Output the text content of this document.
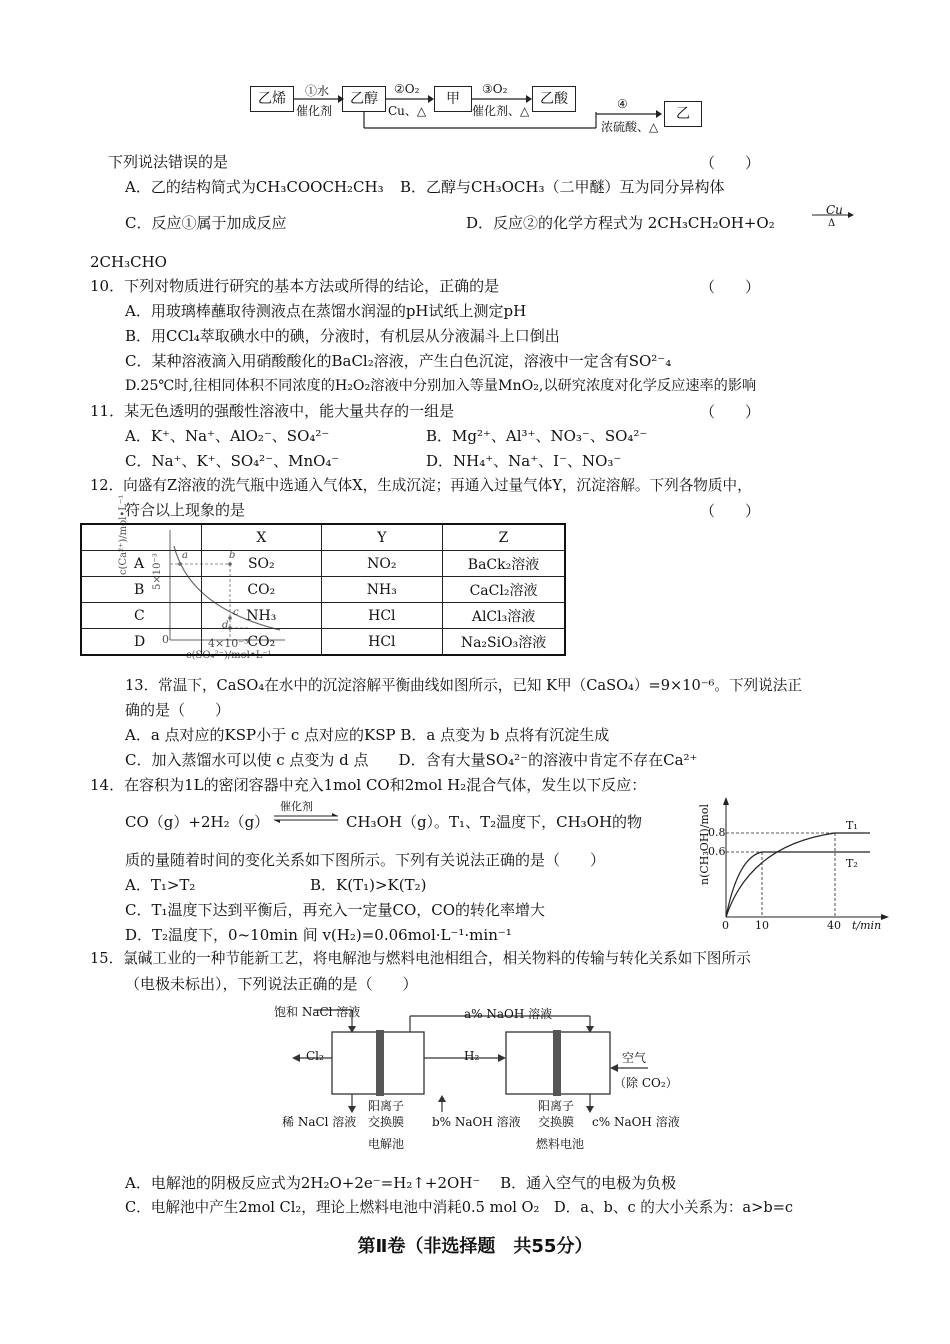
乙烯	乙醇	甲	乙酸
乙
①水
催化剂
②O₂
Cu、△
③O₂
催化剂、△	④
浓硫酸、△
下列说法错误的是	（　　）
A．乙的结构简式为CH₃COOCH₂CH₃ B．乙醇与CH₃OCH₃（二甲醚）互为同分异构体
C．反应①属于加成反应	D．反应②的化学方程式为 2CH₃CH₂OH+O₂
Cu
Δ
2CH₃CHO
10．下列对物质进行研究的基本方法或所得的结论，正确的是	（　　）
A．用玻璃棒蘸取待测液点在蒸馏水润湿的pH试纸上测定pH
B．用CCl₄萃取碘水中的碘，分液时，有机层从分液漏斗上口倒出
C．某种溶液滴入用硝酸酸化的BaCl₂溶液，产生白色沉淀，溶液中一定含有SO²⁻₄
D.25℃时,往相同体积不同浓度的H₂O₂溶液中分别加入等量MnO₂,以研究浓度对化学反应速率的影响
11．某无色透明的强酸性溶液中，能大量共存的一组是	（　　）
A．K⁺、Na⁺、AlO₂⁻、SO₄²⁻	B．Mg²⁺、Al³⁺、NO₃⁻、SO₄²⁻
C．Na⁺、K⁺、SO₄²⁻、MnO₄⁻	D．NH₄⁺、Na⁺、I⁻、NO₃⁻
12．向盛有Z溶液的洗气瓶中选通入气体X，生成沉淀；再通入过量气体Y，沉淀溶解。下列各物质中，
符合以上现象的是	（　　）
	X	Y	Z
A	SO₂	NO₂	BaCk₂溶液
B	CO₂	NH₃	CaCl₂溶液
C	NH₃	HCl	AlCl₃溶液
D	CO₂	HCl	Na₂SiO₃溶液
c(Ca²⁺)/mol•L⁻¹ 5×10⁻³
4×10⁻³
c(SO₄²⁻)/mol•L⁻¹
0
a	b
c
d
13．常温下，CaSO₄在水中的沉淀溶解平衡曲线如图所示，已知 K甲（CaSO₄）=9×10⁻⁶。下列说法正
确的是（　　）
A．a 点对应的KSP小于 c 点对应的KSP B．a 点变为 b 点将有沉淀生成
C．加入蒸馏水可以使 c 点变为 d 点　　D．含有大量SO₄²⁻的溶液中肯定不存在Ca²⁺
14．在容积为1L的密闭容器中充入1mol CO和2mol H₂混合气体，发生以下反应：
CO（g）+2H₂（g）
催化剂
CH₃OH（g）。T₁、T₂温度下，CH₃OH的物
质的量随着时间的变化关系如下图所示。下列有关说法正确的是（　　）
A．T₁>T₂	B．K(T₁)>K(T₂)
C．T₁温度下达到平衡后，再充入一定量CO，CO的转化率增大
D．T₂温度下，0~10min 间 v(H₂)=0.06mol·L⁻¹·min⁻¹
n(CH₃OH)/mol
0.8
0.6
0 10	40 t/min
T₁
T₂
15．氯碱工业的一种节能新工艺，将电解池与燃料电池相组合，相关物料的传输与转化关系如下图所示
（电极未标出），下列说法正确的是（　　）
饱和 NaCl 溶液	a% NaOH 溶液
Cl₂	H₂	空气
（除 CO₂）
阳离子
交换膜
稀 NaCl 溶液	b% NaOH 溶液
阳离子
交换膜 c% NaOH 溶液
电解池	燃料电池
A．电解池的阴极反应式为2H₂O+2e⁻=H₂↑+2OH⁻　 B．通入空气的电极为负极
C．电解池中产生2mol Cl₂，理论上燃料电池中消耗0.5 mol O₂　D．a、b、c 的大小关系为：a>b=c
第Ⅱ卷（非选择题　共55分）
